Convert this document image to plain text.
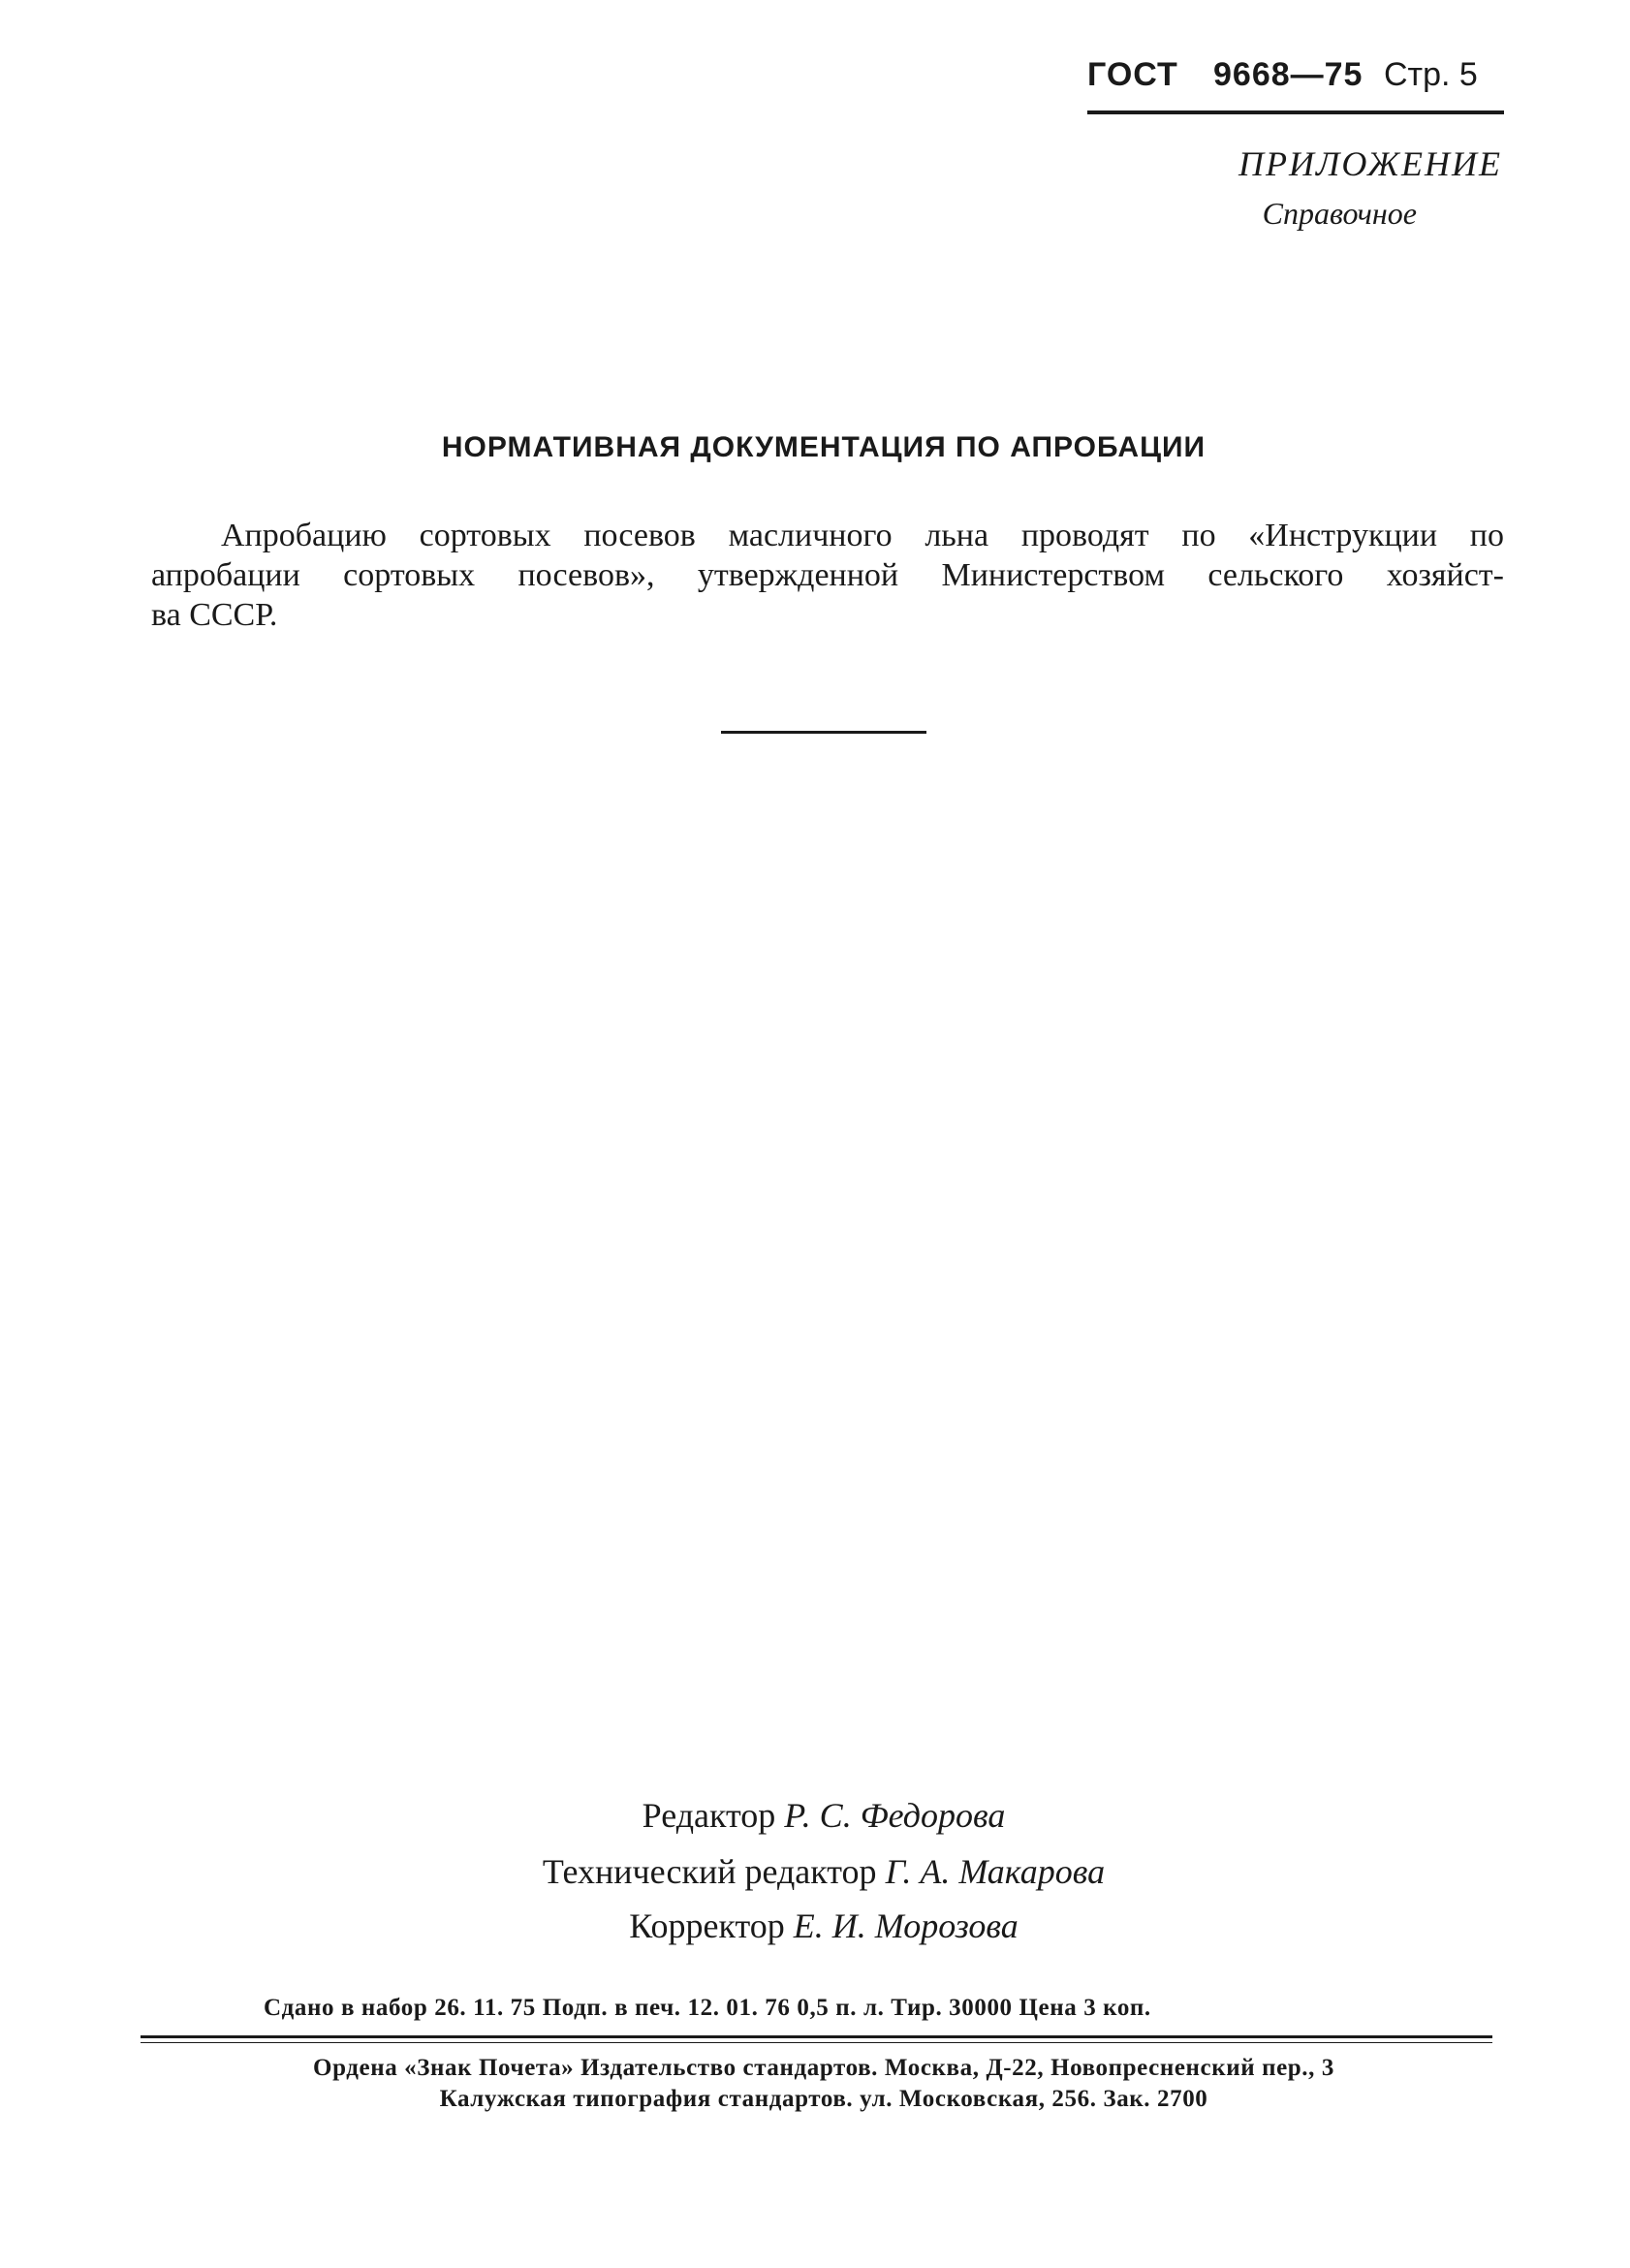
ГОСТ 9668—75 Стр. 5
ПРИЛОЖЕНИЕ
Справочное
НОРМАТИВНАЯ ДОКУМЕНТАЦИЯ ПО АПРОБАЦИИ
Апробацию сортовых посевов масличного льна проводят по «Инструкции по
апробации сортовых посевов», утвержденной Министерством сельского хозяйст-
ва СССР.
Редактор Р. С. Федорова
Технический редактор Г. А. Макарова
Корректор Е. И. Морозова
Сдано в набор 26. 11. 75 Подп. в печ. 12. 01. 76 0,5 п. л. Тир. 30000 Цена 3 коп.
Ордена «Знак Почета» Издательство стандартов. Москва, Д-22, Новопресненский пер., 3
Калужская типография стандартов. ул. Московская, 256. Зак. 2700
